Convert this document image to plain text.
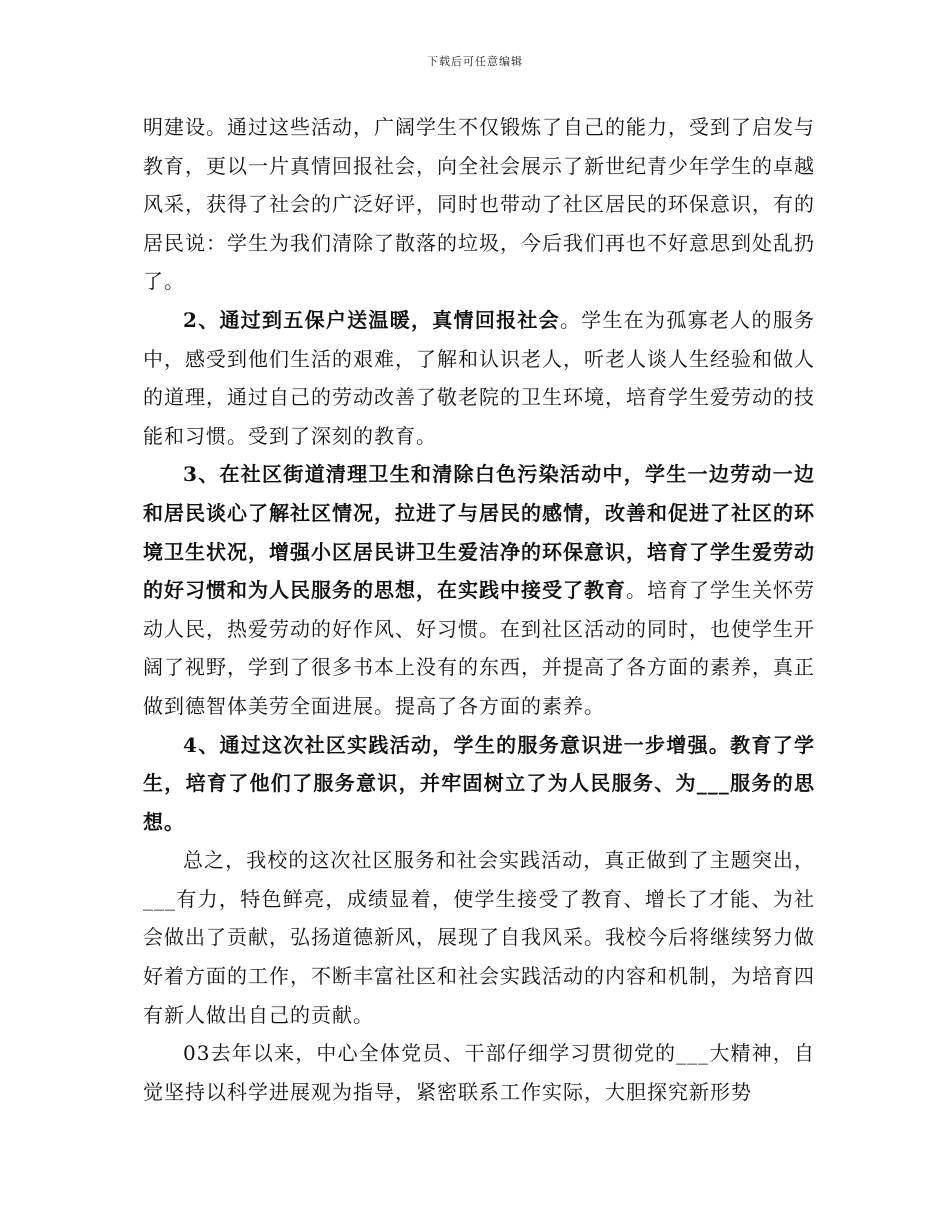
下载后可任意编辑

明建设。通过这些活动，广阔学生不仅锻炼了自己的能力，受到了启发与教育，更以一片真情回报社会，向全社会展示了新世纪青少年学生的卓越风采，获得了社会的广泛好评，同时也带动了社区居民的环保意识，有的居民说：学生为我们清除了散落的垃圾，今后我们再也不好意思到处乱扔了。

2、通过到五保户送温暖，真情回报社会。学生在为孤寡老人的服务中，感受到他们生活的艰难，了解和认识老人，听老人谈人生经验和做人的道理，通过自己的劳动改善了敬老院的卫生环境，培育学生爱劳动的技能和习惯。受到了深刻的教育。

3、在社区街道清理卫生和清除白色污染活动中，学生一边劳动一边和居民谈心了解社区情况，拉进了与居民的感情，改善和促进了社区的环境卫生状况，增强小区居民讲卫生爱洁净的环保意识，培育了学生爱劳动的好习惯和为人民服务的思想，在实践中接受了教育。培育了学生关怀劳动人民，热爱劳动的好作风、好习惯。在到社区活动的同时，也使学生开阔了视野，学到了很多书本上没有的东西，并提高了各方面的素养，真正做到德智体美劳全面进展。提高了各方面的素养。

4、通过这次社区实践活动，学生的服务意识进一步增强。教育了学生，培育了他们了服务意识，并牢固树立了为人民服务、为___服务的思想。

总之，我校的这次社区服务和社会实践活动，真正做到了主题突出，___有力，特色鲜亮，成绩显着，使学生接受了教育、增长了才能、为社会做出了贡献，弘扬道德新风，展现了自我风采。我校今后将继续努力做好着方面的工作，不断丰富社区和社会实践活动的内容和机制，为培育四有新人做出自己的贡献。

03去年以来，中心全体党员、干部仔细学习贯彻党的___大精神，自觉坚持以科学进展观为指导，紧密联系工作实际，大胆探究新形势
